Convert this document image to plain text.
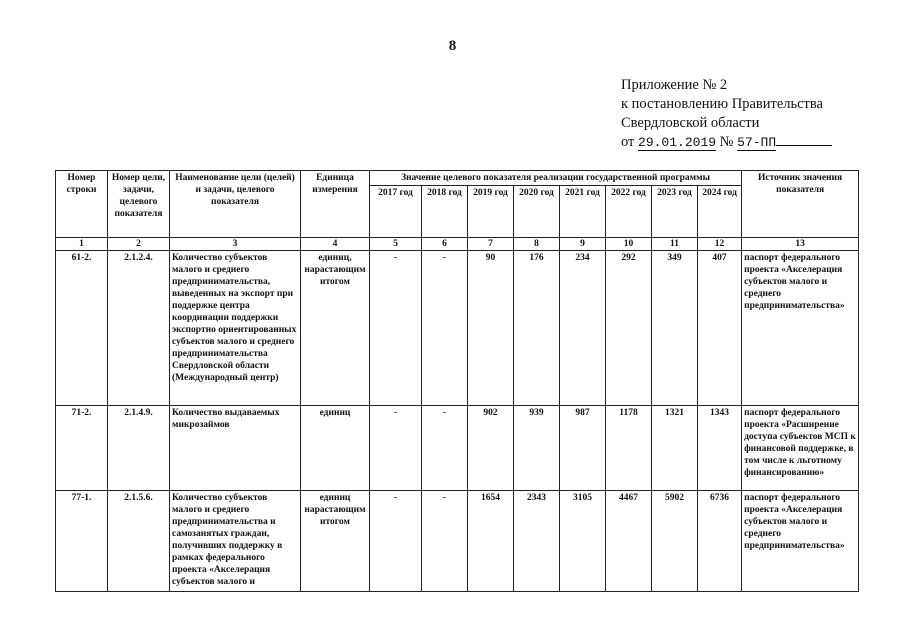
8
Приложение № 2
к постановлению Правительства
Свердловской области
от 29.01.2019 № 57-ПП
Номер строки	Номер цели, задачи, целевого показателя	Наименование цели (целей) и задачи, целевого показателя	Единица измерения	Значение целевого показателя реализации государственной программы								Источник значения показателя
				2017 год	2018 год	2019 год	2020 год	2021 год	2022 год	2023 год	2024 год	
1	2	3	4	5	6	7	8	9	10	11	12	13
61-2.	2.1.2.4.	Количество субъектов малого и среднего предпринимательства, выведенных на экспорт при поддержке центра координации поддержки экспортно ориентированных субъектов малого и среднего предпринимательства Свердловской области (Международный центр)	единиц, нарастающим итогом	-	-	90	176	234	292	349	407	паспорт федерального проекта «Акселерация субъектов малого и среднего предпринимательства»
71-2.	2.1.4.9.	Количество выдаваемых микрозаймов	единиц	-	-	902	939	987	1178	1321	1343	паспорт федерального проекта «Расширение доступа субъектов МСП к финансовой поддержке, в том числе к льготному финансированию»
77-1.	2.1.5.6.	Количество субъектов малого и среднего предпринимательства и самозанятых граждан, получивших поддержку в рамках федерального проекта «Акселерация субъектов малого и	единиц нарастающим итогом	-	-	1654	2343	3105	4467	5902	6736	паспорт федерального проекта «Акселерация субъектов малого и среднего предпринимательства»
